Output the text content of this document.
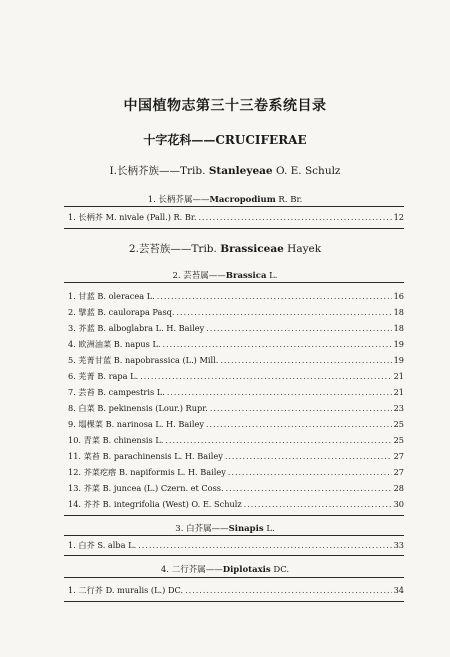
中国植物志第三十三卷系统目录
十字花科——CRUCIFERAE
I.长柄芥族——Trib. Stanleyeae O. E. Schulz
1. 长柄芥属——Macropodium R. Br.
1. 长柄芥 M. nivale (Pall.) R. Br. .....	12
2.芸苔族——Trib. Brassiceae Hayek
2. 芸苔属——Brassica L.
1. 甘蓝 B. oleracea L. .....	16
2. 擘蓝 B. caulorapa Pasq. .....	18
3. 芥蓝 B. alboglabra L. H. Bailey .....	18
4. 欧洲油菜 B. napus L. .....	19
5. 芜菁甘蓝 B. napobrassica (L.) Mill. .....	19
6. 芜菁 B. rapa L. .....	21
7. 芸苔 B. campestris L. .....	21
8. 白菜 B. pekinensis (Lour.) Rupr. .....	23
9. 塌棵菜 B. narinosa L. H. Bailey .....	25
10. 青菜 B. chinensis L. .....	25
11. 菜苔 B. parachinensis L. H. Bailey .....	27
12. 芥菜疙瘩 B. napiformis L. H. Bailey .....	27
13. 芥菜 B. juncea (L.) Czern. et Coss. .....	28
14. 芥芥 B. integrifolia (West) O. E. Schulz .....	30
3. 白芥属——Sinapis L.
1. 白芥 S. alba L. .....	33
4. 二行芥属——Diplotaxis DC.
1. 二行芥 D. muralis (L.) DC. .....	34
